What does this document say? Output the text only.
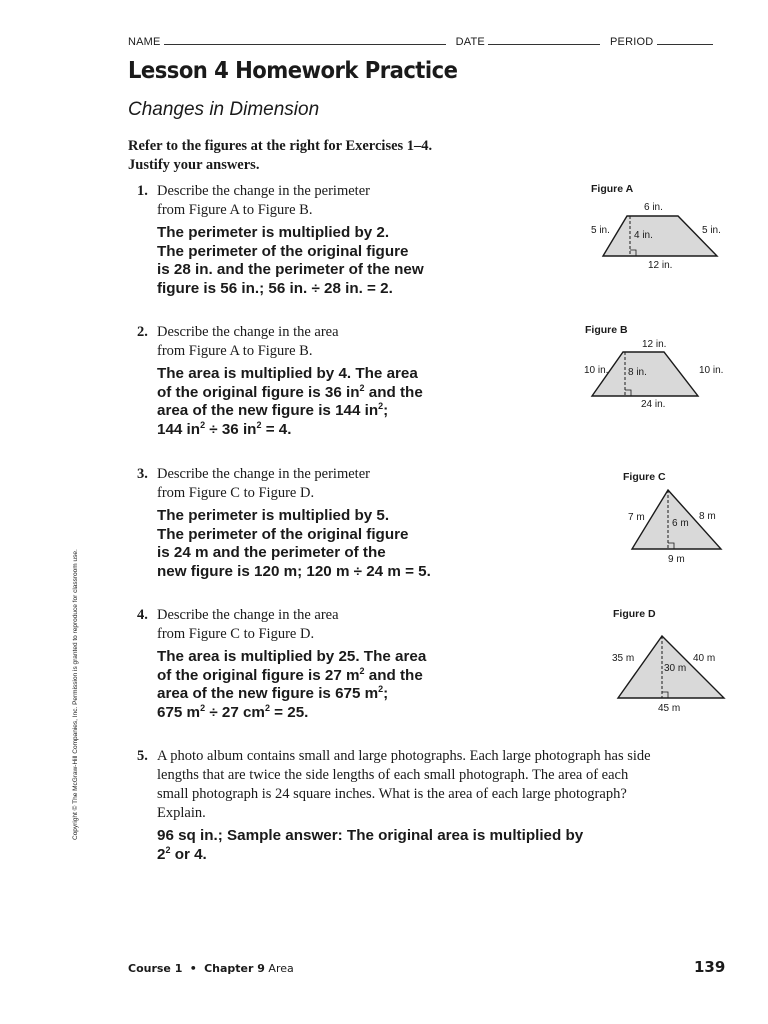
NAME	DATE	PERIOD
Lesson 4 Homework Practice
Changes in Dimension
Refer to the figures at the right for Exercises 1–4.
Justify your answers.
1. Describe the change in the perimeter
from Figure A to Figure B.
The perimeter is multiplied by 2.
The perimeter of the original figure
is 28 in. and the perimeter of the new
figure is 56 in.; 56 in. ÷ 28 in. = 2.
2. Describe the change in the area
from Figure A to Figure B.
The area is multiplied by 4. The area
of the original figure is 36 $in^2$ and the
area of the new figure is 144 $in^2$;
144 $in^2 \div 36$ $in^2 = 4$.
3. Describe the change in the perimeter
from Figure C to Figure D.
The perimeter is multiplied by 5.
The perimeter of the original figure
is 24 m and the perimeter of the
new figure is 120 m; 120 m ÷ 24 m = 5.
4. Describe the change in the area
from Figure C to Figure D.
The area is multiplied by 25. The area
of the original figure is 27 $m^2$ and the
area of the new figure is 675 $m^2$;
675 $m^2 \div 27$ $cm^2 = 25$.
5. A photo album contains small and large photographs. Each large photograph has side
lengths that are twice the side lengths of each small photograph. The area of each
small photograph is 24 square inches. What is the area of each large photograph?
Explain.
96 sq in.; Sample answer: The original area is multiplied by
$2^2$ or 4.
Figure A
6 in.
5 in.	5 in.
4 in.
12 in.
Figure B
12 in.
10 in.	10 in.
8 in.
24 in.
Figure C
7 m	8 m
6 m
9 m
Figure D
35 m	40 m
30 m
45 m
Copyright © The McGraw-Hill Companies, Inc. Permission is granted to reproduce for classroom use.
Course 1  •  Chapter 9 Area	139
